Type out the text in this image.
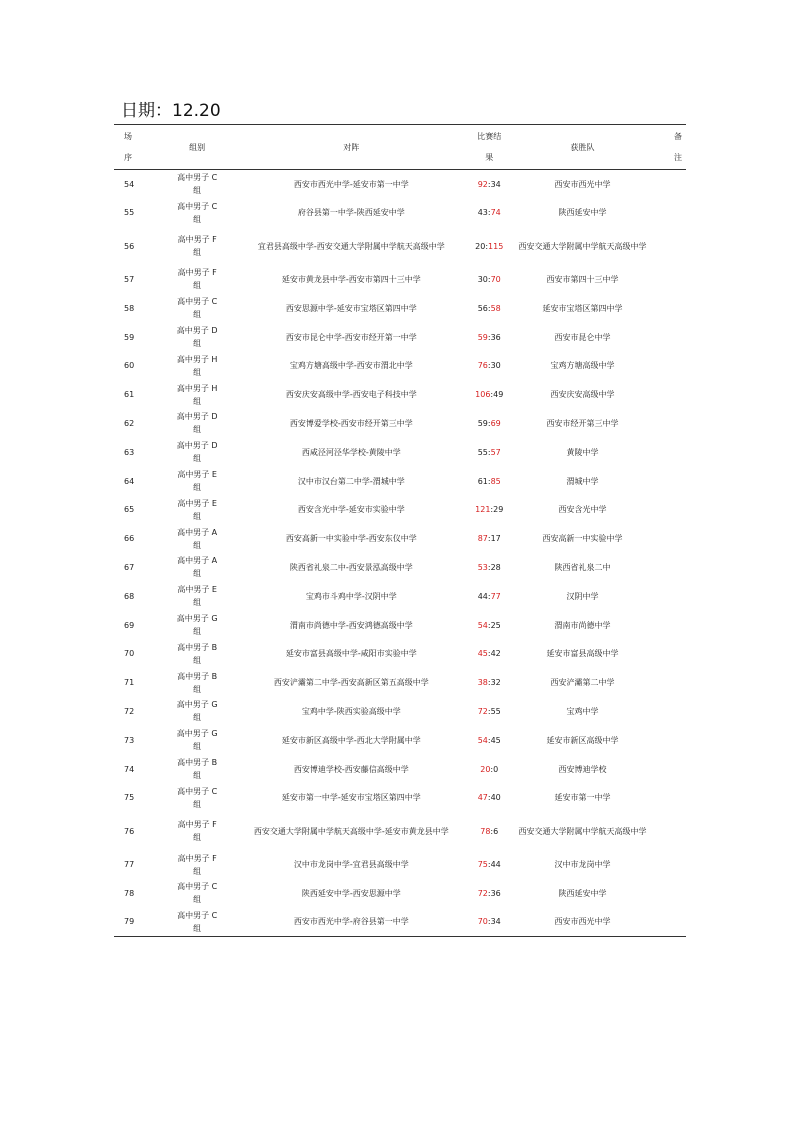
日期：12.20
场
序	组别	对阵	比赛结
果	获胜队	备
注

54	高中男子 C
组	西安市西光中学-延安市第一中学	92:34	西安市西光中学	
55	高中男子 C
组	府谷县第一中学-陕西延安中学	43:74	陕西延安中学	
56	高中男子 F
组	宜君县高级中学-西安交通大学附属中学航天高级中学	20:115	西安交通大学附属中学航天高级中学	
57	高中男子 F
组	延安市黄龙县中学-西安市第四十三中学	30:70	西安市第四十三中学	
58	高中男子 C
组	西安思源中学-延安市宝塔区第四中学	56:58	延安市宝塔区第四中学	
59	高中男子 D
组	西安市昆仑中学-西安市经开第一中学	59:36	西安市昆仑中学	
60	高中男子 H
组	宝鸡方塘高级中学-西安市渭北中学	76:30	宝鸡方塘高级中学	
61	高中男子 H
组	西安庆安高级中学-西安电子科技中学	106:49	西安庆安高级中学	
62	高中男子 D
组	西安博爱学校-西安市经开第三中学	59:69	西安市经开第三中学	
63	高中男子 D
组	西咸泾河泾华学校-黄陵中学	55:57	黄陵中学	
64	高中男子 E
组	汉中市汉台第二中学-渭城中学	61:85	渭城中学	
65	高中男子 E
组	西安含光中学-延安市实验中学	121:29	西安含光中学	
66	高中男子 A
组	西安高新一中实验中学-西安东仪中学	87:17	西安高新一中实验中学	
67	高中男子 A
组	陕西省礼泉二中-西安景泓高级中学	53:28	陕西省礼泉二中	
68	高中男子 E
组	宝鸡市斗鸡中学-汉阴中学	44:77	汉阴中学	
69	高中男子 G
组	渭南市尚德中学-西安鸿德高级中学	54:25	渭南市尚德中学	
70	高中男子 B
组	延安市富县高级中学-咸阳市实验中学	45:42	延安市富县高级中学	
71	高中男子 B
组	西安浐灞第二中学-西安高新区第五高级中学	38:32	西安浐灞第二中学	
72	高中男子 G
组	宝鸡中学-陕西实验高级中学	72:55	宝鸡中学	
73	高中男子 G
组	延安市新区高级中学-西北大学附属中学	54:45	延安市新区高级中学	
74	高中男子 B
组	西安博迪学校-西安藤信高级中学	20:0	西安博迪学校	
75	高中男子 C
组	延安市第一中学-延安市宝塔区第四中学	47:40	延安市第一中学	
76	高中男子 F
组	西安交通大学附属中学航天高级中学-延安市黄龙县中学	78:6	西安交通大学附属中学航天高级中学	
77	高中男子 F
组	汉中市龙岗中学-宜君县高级中学	75:44	汉中市龙岗中学	
78	高中男子 C
组	陕西延安中学-西安思源中学	72:36	陕西延安中学	
79	高中男子 C
组	西安市西光中学-府谷县第一中学	70:34	西安市西光中学	
